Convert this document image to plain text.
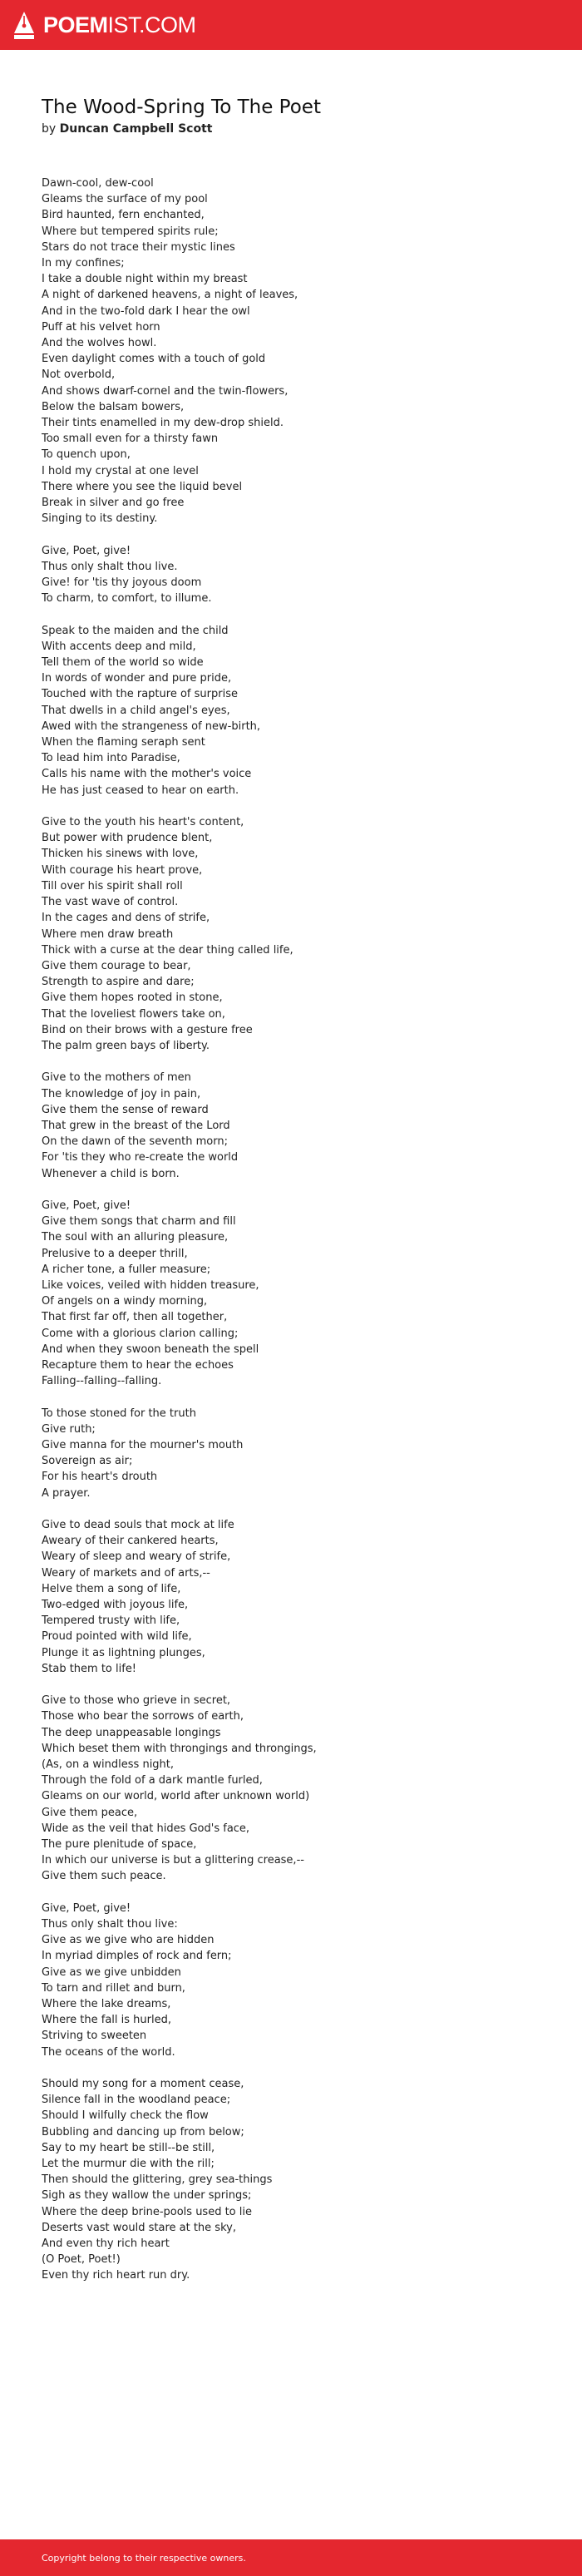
POEMIST.COM
The Wood-Spring To The Poet
by Duncan Campbell Scott
Dawn-cool, dew-cool
Gleams the surface of my pool
Bird haunted, fern enchanted,
Where but tempered spirits rule;
Stars do not trace their mystic lines
In my confines;
I take a double night within my breast
A night of darkened heavens, a night of leaves,
And in the two-fold dark I hear the owl
Puff at his velvet horn
And the wolves howl.
Even daylight comes with a touch of gold
Not overbold,
And shows dwarf-cornel and the twin-flowers,
Below the balsam bowers,
Their tints enamelled in my dew-drop shield.
Too small even for a thirsty fawn
To quench upon,
I hold my crystal at one level
There where you see the liquid bevel
Break in silver and go free
Singing to its destiny.
Give, Poet, give!
Thus only shalt thou live.
Give! for 'tis thy joyous doom
To charm, to comfort, to illume.
Speak to the maiden and the child
With accents deep and mild,
Tell them of the world so wide
In words of wonder and pure pride,
Touched with the rapture of surprise
That dwells in a child angel's eyes,
Awed with the strangeness of new-birth,
When the flaming seraph sent
To lead him into Paradise,
Calls his name with the mother's voice
He has just ceased to hear on earth.
Give to the youth his heart's content,
But power with prudence blent,
Thicken his sinews with love,
With courage his heart prove,
Till over his spirit shall roll
The vast wave of control.
In the cages and dens of strife,
Where men draw breath
Thick with a curse at the dear thing called life,
Give them courage to bear,
Strength to aspire and dare;
Give them hopes rooted in stone,
That the loveliest flowers take on,
Bind on their brows with a gesture free
The palm green bays of liberty.
Give to the mothers of men
The knowledge of joy in pain,
Give them the sense of reward
That grew in the breast of the Lord
On the dawn of the seventh morn;
For 'tis they who re-create the world
Whenever a child is born.
Give, Poet, give!
Give them songs that charm and fill
The soul with an alluring pleasure,
Prelusive to a deeper thrill,
A richer tone, a fuller measure;
Like voices, veiled with hidden treasure,
Of angels on a windy morning,
That first far off, then all together,
Come with a glorious clarion calling;
And when they swoon beneath the spell
Recapture them to hear the echoes
Falling--falling--falling.
To those stoned for the truth
Give ruth;
Give manna for the mourner's mouth
Sovereign as air;
For his heart's drouth
A prayer.
Give to dead souls that mock at life
Aweary of their cankered hearts,
Weary of sleep and weary of strife,
Weary of markets and of arts,--
Helve them a song of life,
Two-edged with joyous life,
Tempered trusty with life,
Proud pointed with wild life,
Plunge it as lightning plunges,
Stab them to life!
Give to those who grieve in secret,
Those who bear the sorrows of earth,
The deep unappeasable longings
Which beset them with throngings and throngings,
(As, on a windless night,
Through the fold of a dark mantle furled,
Gleams on our world, world after unknown world)
Give them peace,
Wide as the veil that hides God's face,
The pure plenitude of space,
In which our universe is but a glittering crease,--
Give them such peace.
Give, Poet, give!
Thus only shalt thou live:
Give as we give who are hidden
In myriad dimples of rock and fern;
Give as we give unbidden
To tarn and rillet and burn,
Where the lake dreams,
Where the fall is hurled,
Striving to sweeten
The oceans of the world.
Should my song for a moment cease,
Silence fall in the woodland peace;
Should I wilfully check the flow
Bubbling and dancing up from below;
Say to my heart be still--be still,
Let the murmur die with the rill;
Then should the glittering, grey sea-things
Sigh as they wallow the under springs;
Where the deep brine-pools used to lie
Deserts vast would stare at the sky,
And even thy rich heart
(O Poet, Poet!)
Even thy rich heart run dry.
Copyright belong to their respective owners.
